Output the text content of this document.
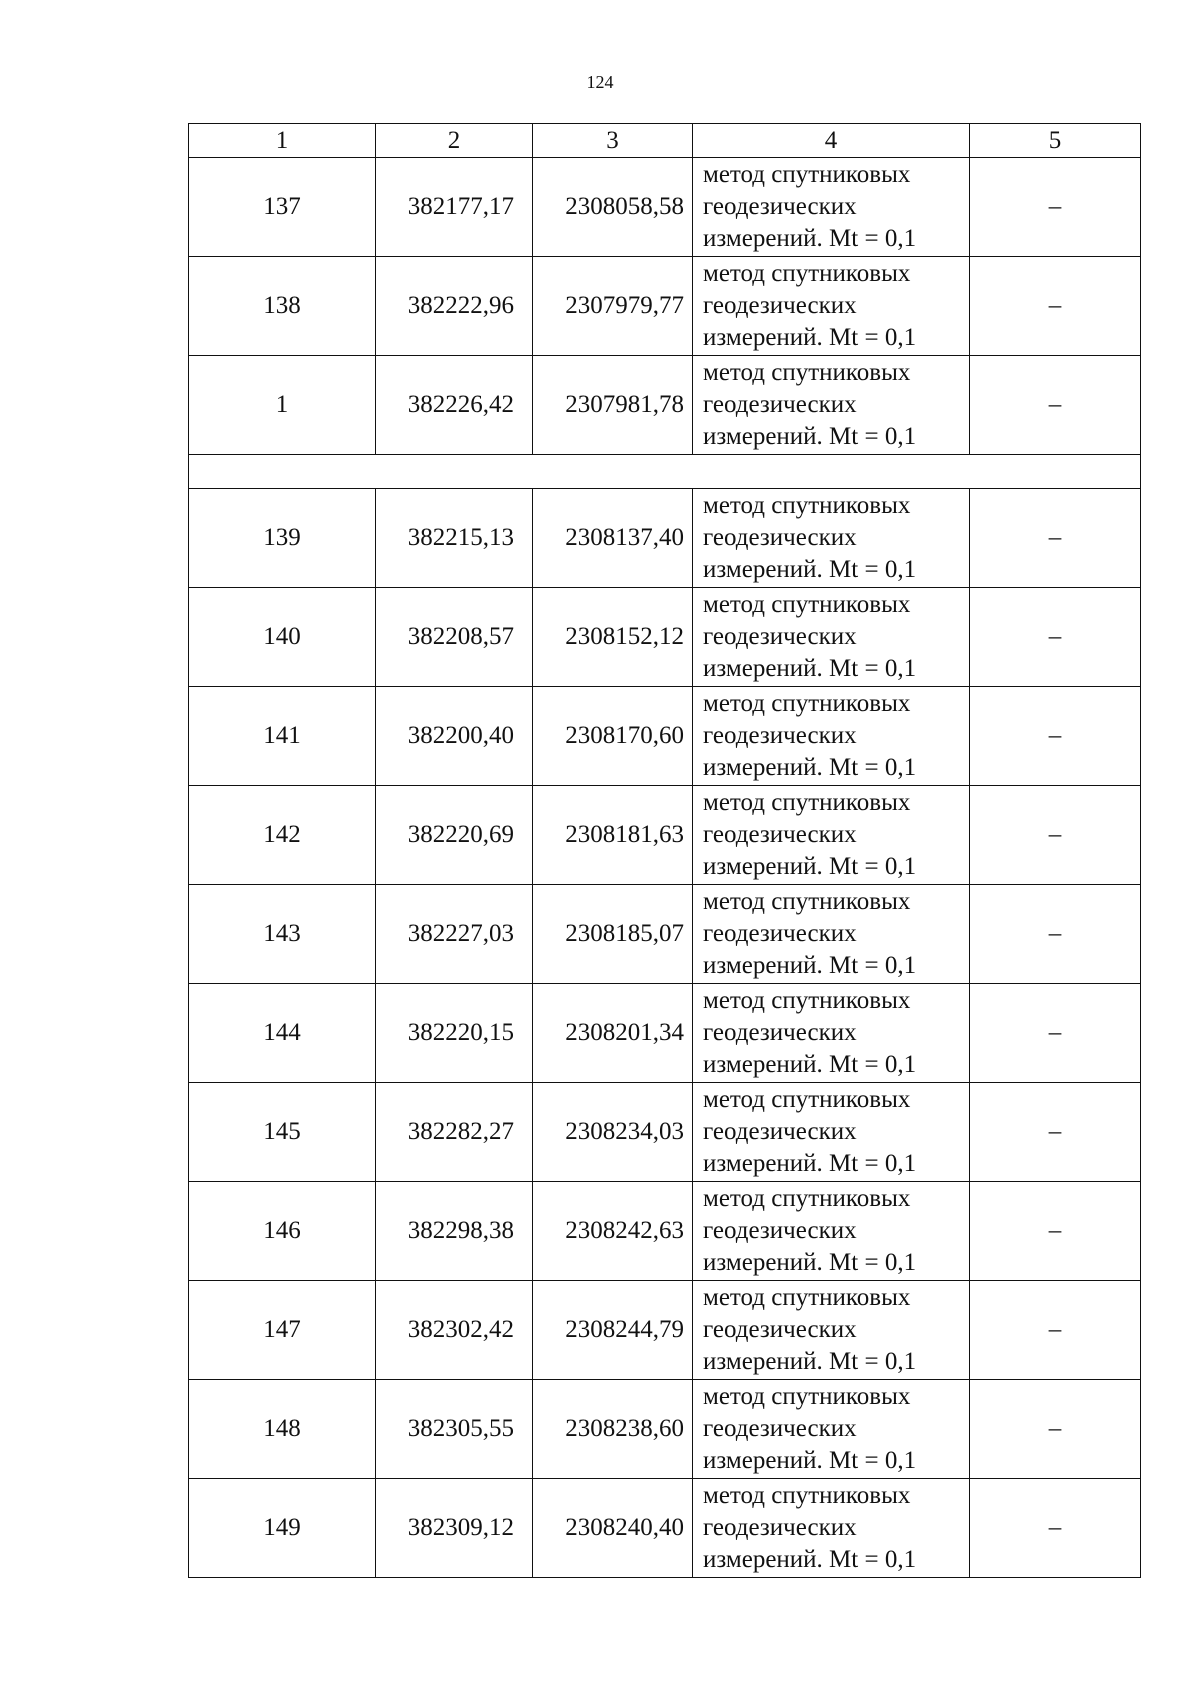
124
1	2	3	4	5
137	382177,17	2308058,58	метод спутниковых
геодезических
измерений. Mt = 0,1	–
138	382222,96	2307979,77	метод спутниковых
геодезических
измерений. Mt = 0,1	–
1	382226,42	2307981,78	метод спутниковых
геодезических
измерений. Mt = 0,1	–

139	382215,13	2308137,40	метод спутниковых
геодезических
измерений. Mt = 0,1	–
140	382208,57	2308152,12	метод спутниковых
геодезических
измерений. Mt = 0,1	–
141	382200,40	2308170,60	метод спутниковых
геодезических
измерений. Mt = 0,1	–
142	382220,69	2308181,63	метод спутниковых
геодезических
измерений. Mt = 0,1	–
143	382227,03	2308185,07	метод спутниковых
геодезических
измерений. Mt = 0,1	–
144	382220,15	2308201,34	метод спутниковых
геодезических
измерений. Mt = 0,1	–
145	382282,27	2308234,03	метод спутниковых
геодезических
измерений. Mt = 0,1	–
146	382298,38	2308242,63	метод спутниковых
геодезических
измерений. Mt = 0,1	–
147	382302,42	2308244,79	метод спутниковых
геодезических
измерений. Mt = 0,1	–
148	382305,55	2308238,60	метод спутниковых
геодезических
измерений. Mt = 0,1	–
149	382309,12	2308240,40	метод спутниковых
геодезических
измерений. Mt = 0,1	–
